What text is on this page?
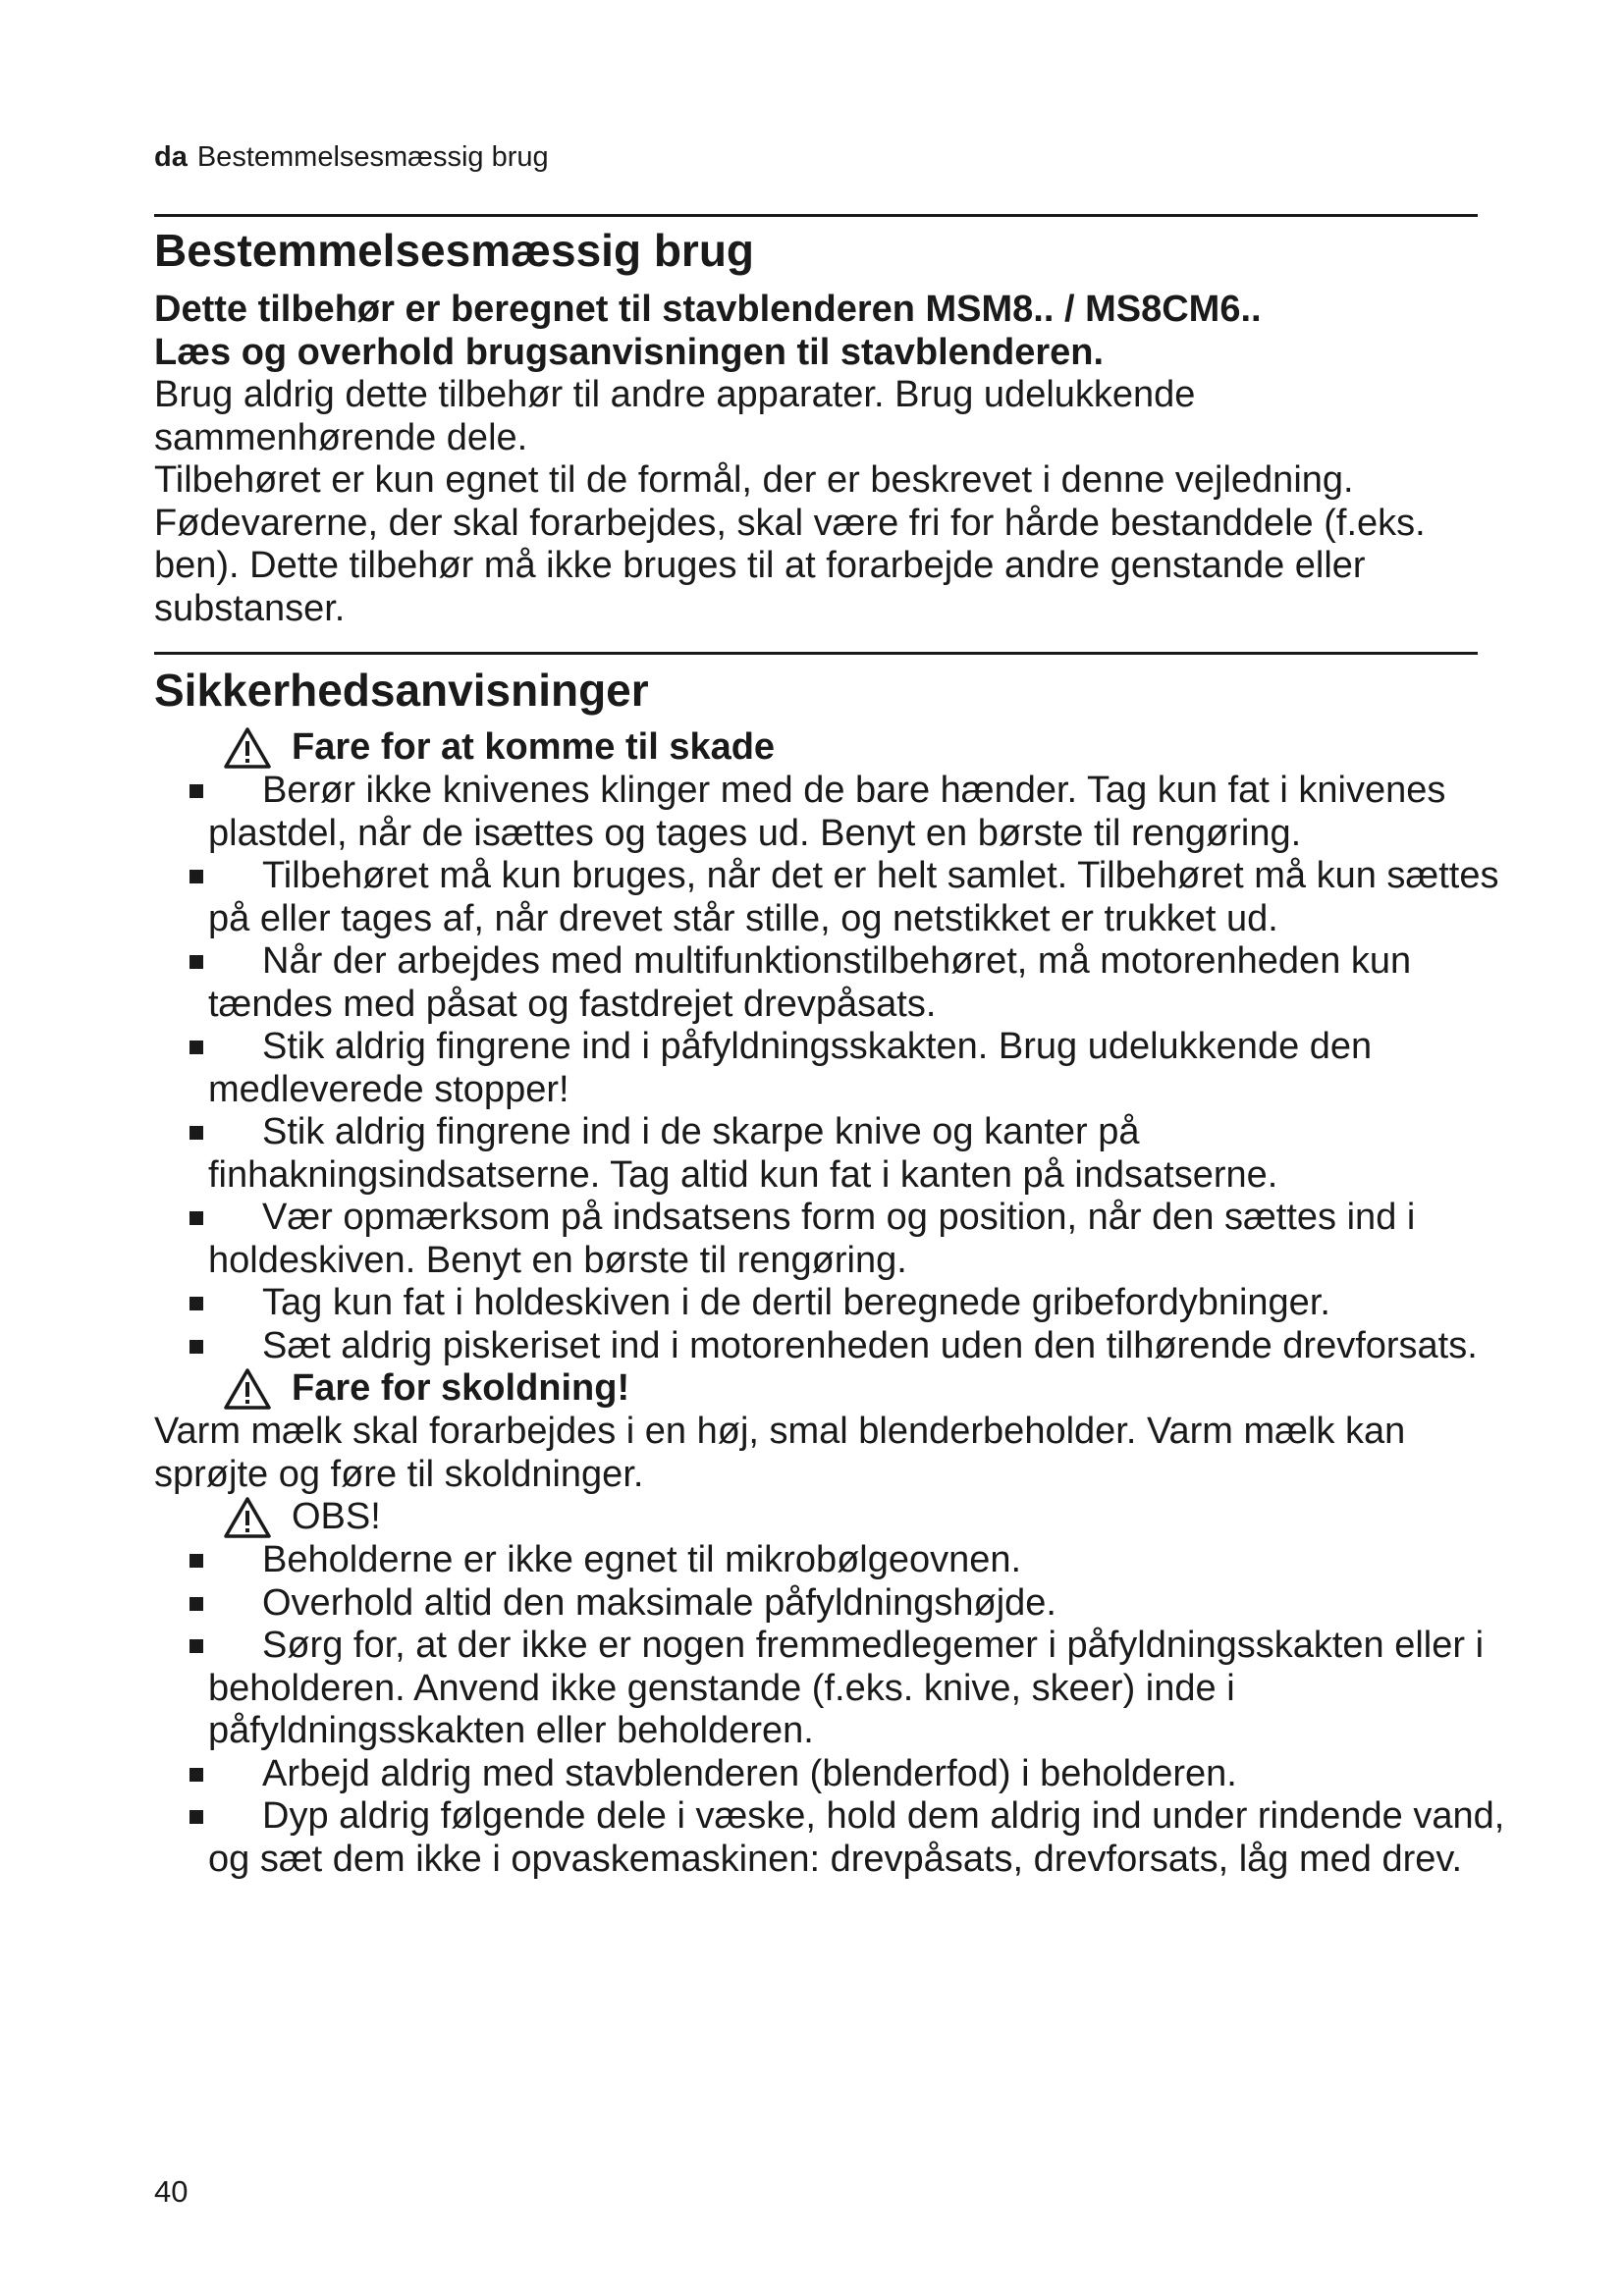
da Bestemmelsesmæssig brug
Bestemmelsesmæssig brug

Dette tilbehør er beregnet til stavblenderen MSM8.. / MS8CM6..

Læs og overhold brugsanvisningen til stavblenderen.

Brug aldrig dette tilbehør til andre apparater. Brug udelukkende sammenhørende dele.

Tilbehøret er kun egnet til de formål, der er beskrevet i denne vejledning. Fødevarerne, der skal forarbejdes, skal være fri for hårde bestanddele (f.eks. ben). Dette tilbehør må ikke bruges til at forarbejde andre genstande eller substanser.

Sikkerhedsanvisninger
Fare for at komme til skade
Berør ikke knivenes klinger med de bare hænder. Tag kun fat i knivenes plastdel, når de isættes og tages ud. Benyt en børste til rengøring.
Tilbehøret må kun bruges, når det er helt samlet. Tilbehøret må kun sættes på eller tages af, når drevet står stille, og netstikket er trukket ud.
Når der arbejdes med multifunktionstilbehøret, må motorenheden kun tændes med påsat og fastdrejet drevpåsats.
Stik aldrig fingrene ind i påfyldningsskakten. Brug udelukkende den medleverede stopper!
Stik aldrig fingrene ind i de skarpe knive og kanter på finhakningsindsatserne. Tag altid kun fat i kanten på indsatserne.
Vær opmærksom på indsatsens form og position, når den sættes ind i holdeskiven. Benyt en børste til rengøring.
Tag kun fat i holdeskiven i de dertil beregnede gribefordybninger.
Sæt aldrig piskeriset ind i motorenheden uden den tilhørende drevforsats.
Fare for skoldning!

Varm mælk skal forarbejdes i en høj, smal blenderbeholder. Varm mælk kan sprøjte og føre til skoldninger.

OBS!
Beholderne er ikke egnet til mikrobølgeovnen.
Overhold altid den maksimale påfyldningshøjde.
Sørg for, at der ikke er nogen fremmedlegemer i påfyldningsskakten eller i beholderen. Anvend ikke genstande (f.eks. knive, skeer) inde i påfyldningsskakten eller beholderen.
Arbejd aldrig med stavblenderen (blenderfod) i beholderen.
Dyp aldrig følgende dele i væske, hold dem aldrig ind under rindende vand, og sæt dem ikke i opvaskemaskinen: drevpåsats, drevforsats, låg med drev.
40
